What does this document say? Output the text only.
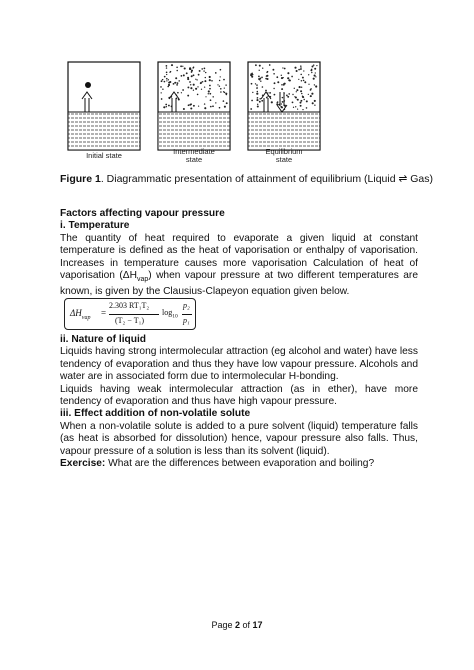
Initial state	Intermediate
state
Equilibrium
state
Figure 1. Diagrammatic presentation of attainment of equilibrium (Liquid ⇌ Gas)
Factors affecting vapour pressure
i. Temperature
The quantity of heat required to evaporate a given liquid at constant temperature is defined as the heat of vaporisation or enthalpy of vaporisation. Increases in temperature causes more vaporisation Calculation of heat of vaporisation $(\Delta H_{vap})$ when vapour pressure at two different temperatures are known, is given by the Clausius-Clapeyon equation given below.
$\Delta H_{vap}$ =
2.303 RT₁T₂
(T₂ − T₁)
$\log_{10}$
p₂
p₁
ii. Nature of liquid
Liquids having strong intermolecular attraction (eg alcohol and water) have less tendency of evaporation and thus they have low vapour pressure. Alcohols and water are in associated form due to intermolecular H-bonding.
Liquids having weak intermolecular attraction (as in ether), have more tendency of evaporation and thus have high vapour pressure.
iii. Effect addition of non-volatile solute
When a non-volatile solute is added to a pure solvent (liquid) temperature falls (as heat is absorbed for dissolution) hence, vapour pressure also falls. Thus, vapour pressure of a solution is less than its solvent (liquid).
Exercise: What are the differences between evaporation and boiling?
Page 2 of 17
